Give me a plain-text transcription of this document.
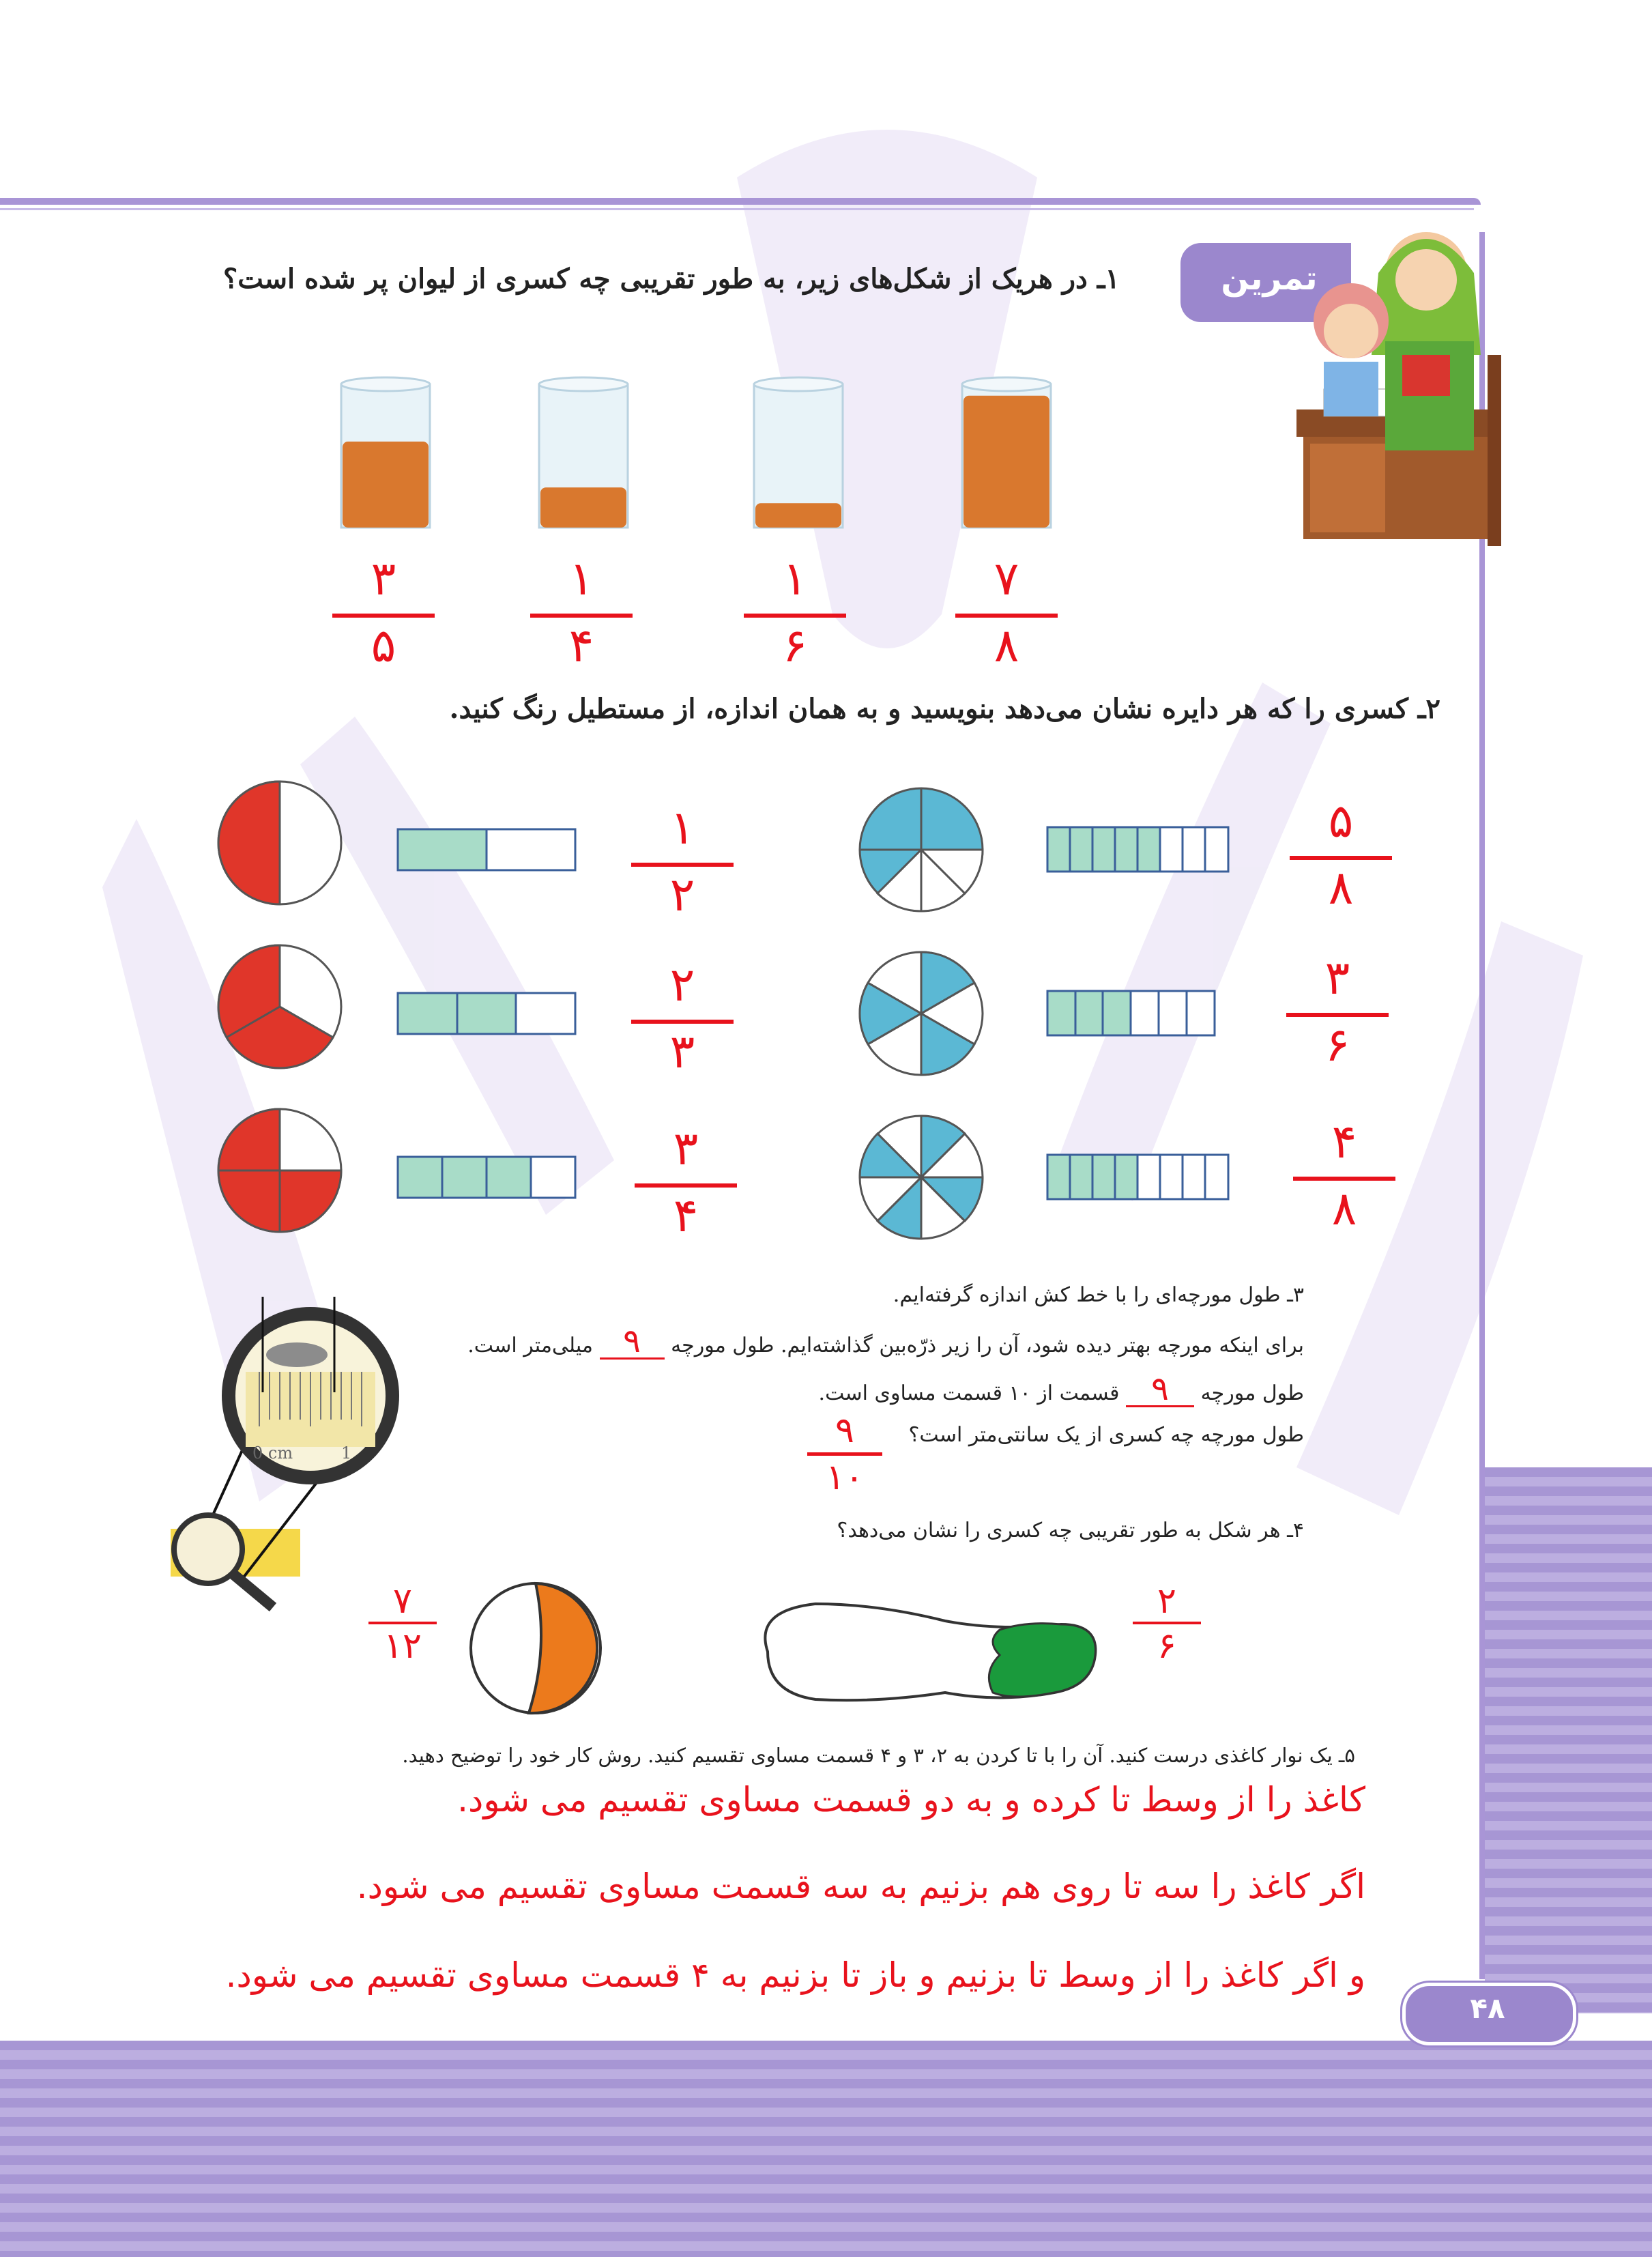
تمرین
۱ـ در هریک از شکل‌های زیر، به طور تقریبی چه کسری از لیوان پر شده است؟
۳
۵
۱
۴
۱
۶
۷
۸
۲ـ کسری را که هر دایره نشان می‌دهد بنویسید و به همان اندازه، از مستطیل رنگ کنید.
۱
۲
۲
۳
۳
۴
۵
۸
۳
۶
۴
۸
0 cm	1
۳ـ طول مورچه‌ای را با خط کش اندازه گرفته‌ایم.
برای اینکه مورچه بهتر دیده شود، آن را زیر ذرّه‌بین گذاشته‌ایم. طول مورچه ۹ میلی‌متر است.
طول مورچه ۹ قسمت از ۱۰ قسمت مساوی است.
طول مورچه چه کسری از یک سانتی‌متر است؟
۹
۱۰
۴ـ هر شکل به طور تقریبی چه کسری را نشان می‌دهد؟
۷
۱۲
۲
۶
۵ـ یک نوار کاغذی درست کنید. آن را با تا کردن به ۲، ۳ و ۴ قسمت مساوی تقسیم کنید. روش کار خود را توضیح دهید.
کاغذ را از وسط تا کرده و به دو قسمت مساوی تقسیم می شود.
اگر کاغذ را سه تا روی هم بزنیم به سه قسمت مساوی تقسیم می شود.
و اگر کاغذ را از وسط تا بزنیم و باز تا بزنیم به ۴ قسمت مساوی تقسیم می شود.
۴۸
